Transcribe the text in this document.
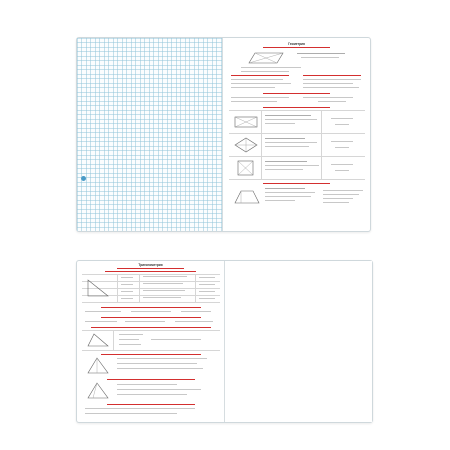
Геометрия
Тригонометрия
